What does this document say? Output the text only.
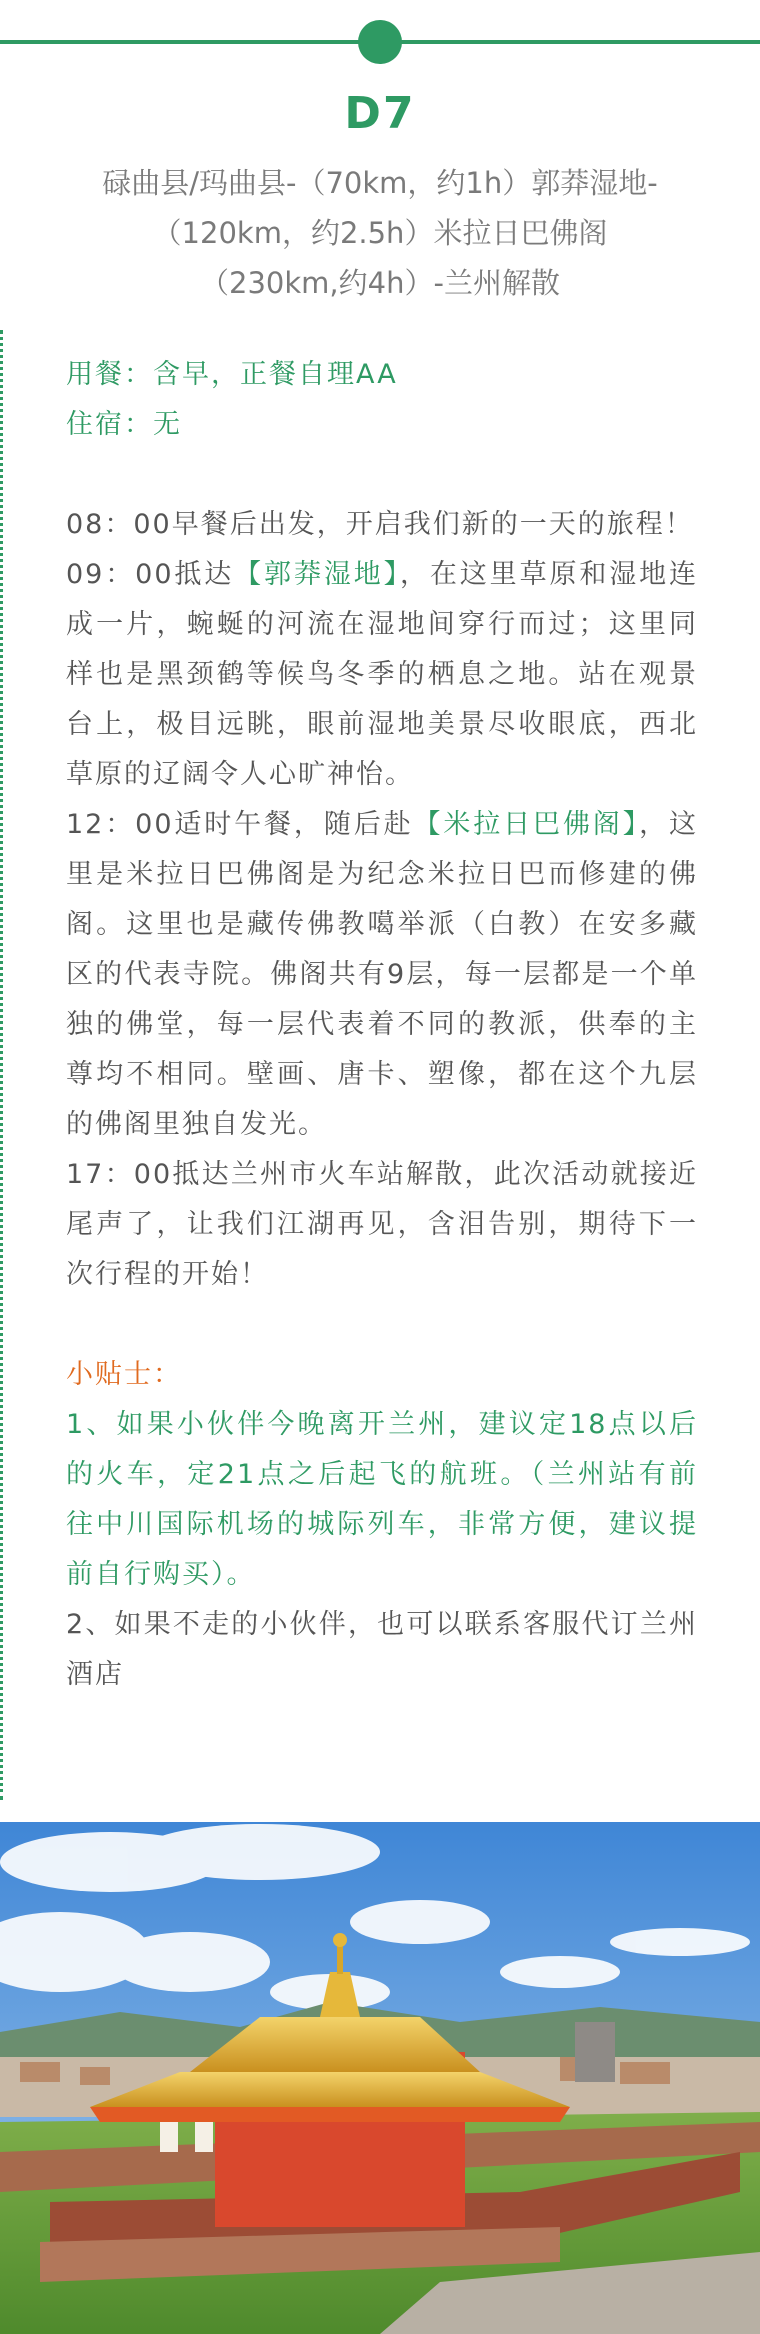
D7
碌曲县/玛曲县-（70km，约1h）郭莽湿地-
（120km，约2.5h）米拉日巴佛阁
（230km,约4h）-兰州解散

用餐：含早，正餐自理AA

住宿：无

08：00早餐后出发，开启我们新的一天的旅程！

09：00抵达【郭莽湿地】，在这里草原和湿地连成一片，蜿蜒的河流在湿地间穿行而过；这里同样也是黑颈鹤等候鸟冬季的栖息之地。站在观景台上，极目远眺，眼前湿地美景尽收眼底，西北草原的辽阔令人心旷神怡。

12：00适时午餐，随后赴【米拉日巴佛阁】，这里是米拉日巴佛阁是为纪念米拉日巴而修建的佛阁。这里也是藏传佛教噶举派（白教）在安多藏区的代表寺院。佛阁共有9层，每一层都是一个单独的佛堂，每一层代表着不同的教派，供奉的主尊均不相同。壁画、唐卡、塑像，都在这个九层的佛阁里独自发光。

17：00抵达兰州市火车站解散，此次活动就接近尾声了，让我们江湖再见，含泪告别，期待下一次行程的开始！

小贴士：

1、如果小伙伴今晚离开兰州，建议定18点以后的火车，定21点之后起飞的航班。（兰州站有前往中川国际机场的城际列车，非常方便，建议提前自行购买）。

2、如果不走的小伙伴，也可以联系客服代订兰州酒店
